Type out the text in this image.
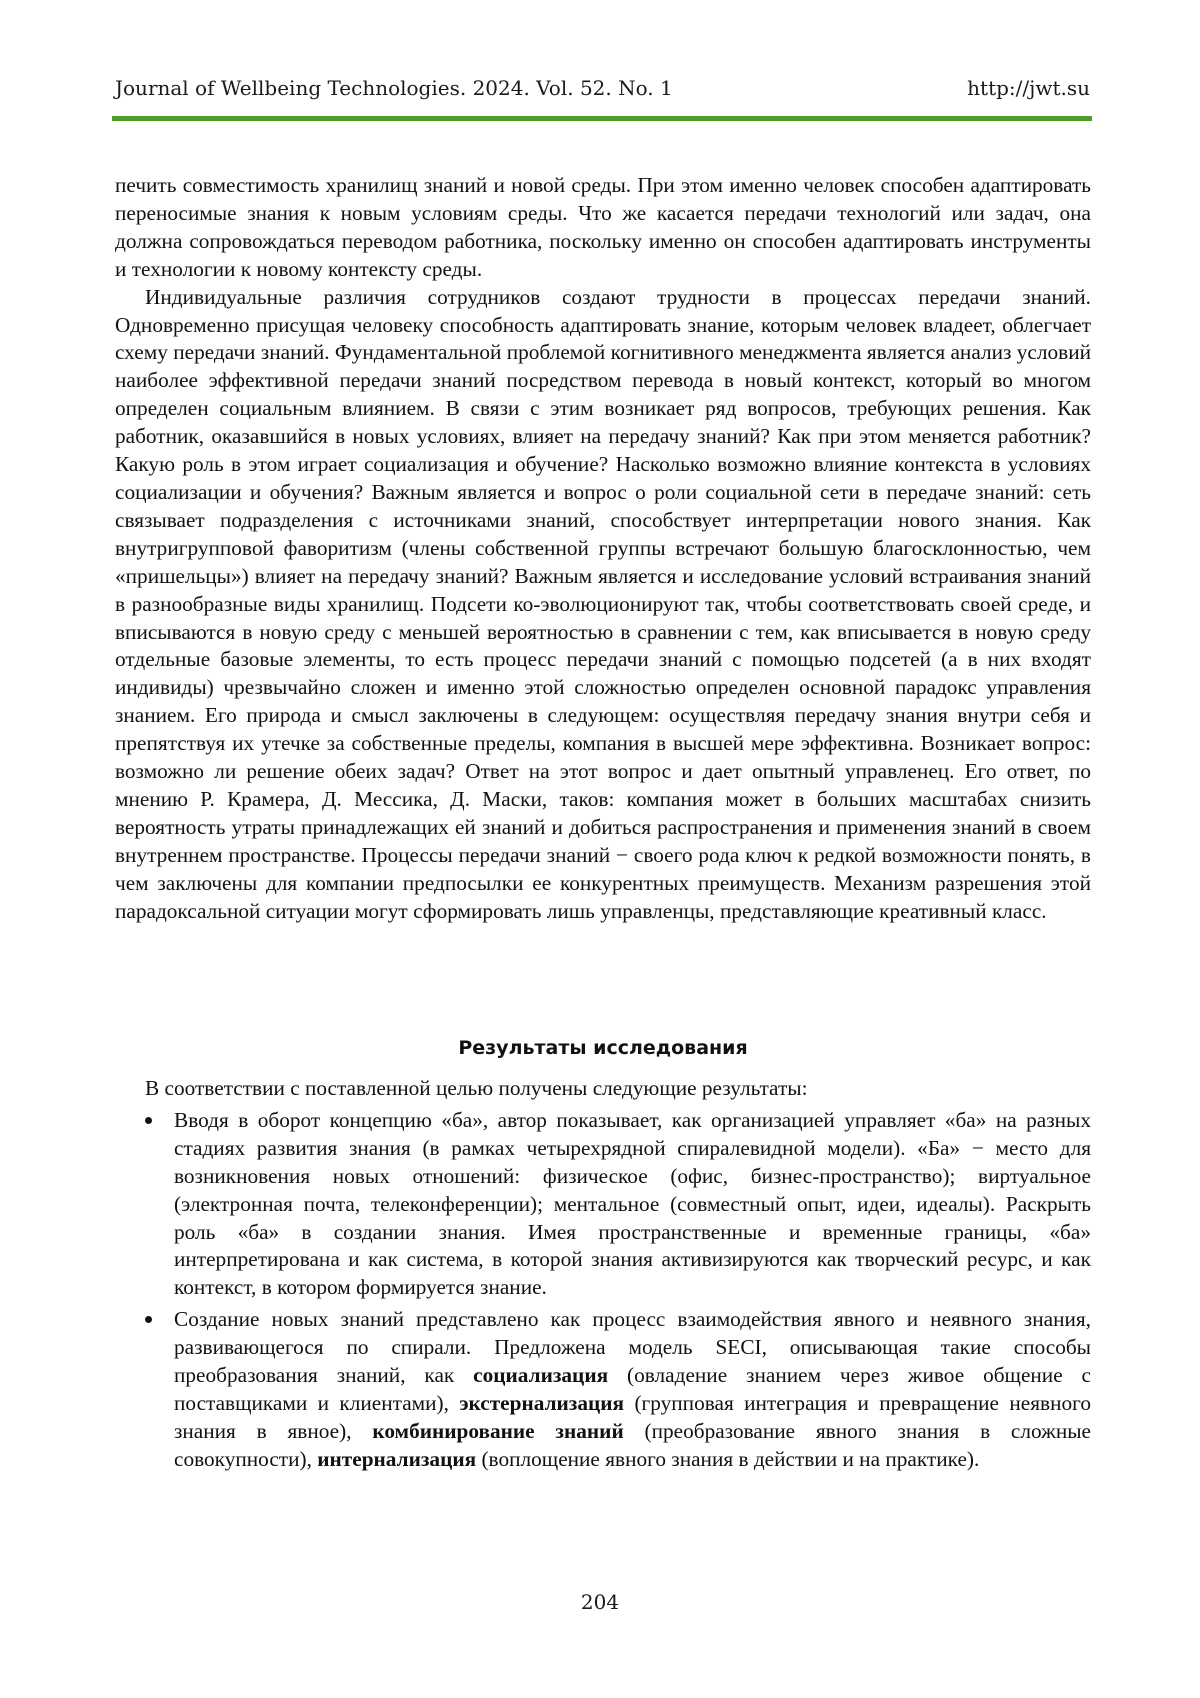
Journal of Wellbeing Technologies. 2024. Vol. 52. No. 1	http://jwt.su

печить совместимость хранилищ знаний и новой среды. При этом именно человек способен адаптировать переносимые знания к новым условиям среды. Что же касается передачи технологий или задач, она должна сопровождаться переводом работника, поскольку именно он способен адаптировать инструменты и технологии к новому контексту среды.

Индивидуальные различия сотрудников создают трудности в процессах передачи знаний. Одновременно присущая человеку способность адаптировать знание, которым человек владеет, облегчает схему передачи знаний. Фундаментальной проблемой когнитивного менеджмента является анализ условий наиболее эффективной передачи знаний посредством перевода в новый контекст, который во многом определен социальным влиянием. В связи с этим возникает ряд вопросов, требующих решения. Как работник, оказавшийся в новых условиях, влияет на передачу знаний? Как при этом меняется работник? Какую роль в этом играет социализация и обучение? Насколько возможно влияние контекста в условиях социализации и обучения? Важным является и вопрос о роли социальной сети в передаче знаний: сеть связывает подразделения с источниками знаний, способствует интерпретации нового знания. Как внутригрупповой фаворитизм (члены собственной группы встречают большую благосклонностью, чем «пришельцы») влияет на передачу знаний? Важным является и исследование условий встраивания знаний в разнообразные виды хранилищ. Подсети ко-эволюционируют так, чтобы соответствовать своей среде, и вписываются в новую среду с меньшей вероятностью в сравнении с тем, как вписывается в новую среду отдельные базовые элементы, то есть процесс передачи знаний с помощью подсетей (а в них входят индивиды) чрезвычайно сложен и именно этой сложностью определен основной парадокс управления знанием. Его природа и смысл заключены в следующем: осуществляя передачу знания внутри себя и препятствуя их утечке за собственные пределы, компания в высшей мере эффективна. Возникает вопрос: возможно ли решение обеих задач? Ответ на этот вопрос и дает опытный управленец. Его ответ, по мнению Р. Крамера, Д. Мессика, Д. Маски, таков: компания может в больших масштабах снизить вероятность утраты принадлежащих ей знаний и добиться распространения и применения знаний в своем внутреннем пространстве. Процессы передачи знаний − своего рода ключ к редкой возможности понять, в чем заключены для компании предпосылки ее конкурентных преимуществ. Механизм разрешения этой парадоксальной ситуации могут сформировать лишь управленцы, представляющие креативный класс.

Результаты исследования

В соответствии с поставленной целью получены следующие результаты:

Вводя в оборот концепцию «ба», автор показывает, как организацией управляет «ба» на разных стадиях развития знания (в рамках четырехрядной спиралевидной модели). «Ба» − место для возникновения новых отношений: физическое (офис, бизнес-пространство); виртуальное (электронная почта, телеконференции); ментальное (совместный опыт, идеи, идеалы). Раскрыть роль «ба» в создании знания. Имея пространственные и временные границы, «ба» интерпретирована и как система, в которой знания активизируются как творческий ресурс, и как контекст, в котором формируется знание.
Создание новых знаний представлено как процесс взаимодействия явного и неявного знания, развивающегося по спирали. Предложена модель SECI, описывающая такие способы преобразования знаний, как социализация (овладение знанием через живое общение с поставщиками и клиентами), экстернализация (групповая интеграция и превращение неявного знания в явное), комбинирование знаний (преобразование явного знания в сложные совокупности), интернализация (воплощение явного знания в действии и на практике).
204
